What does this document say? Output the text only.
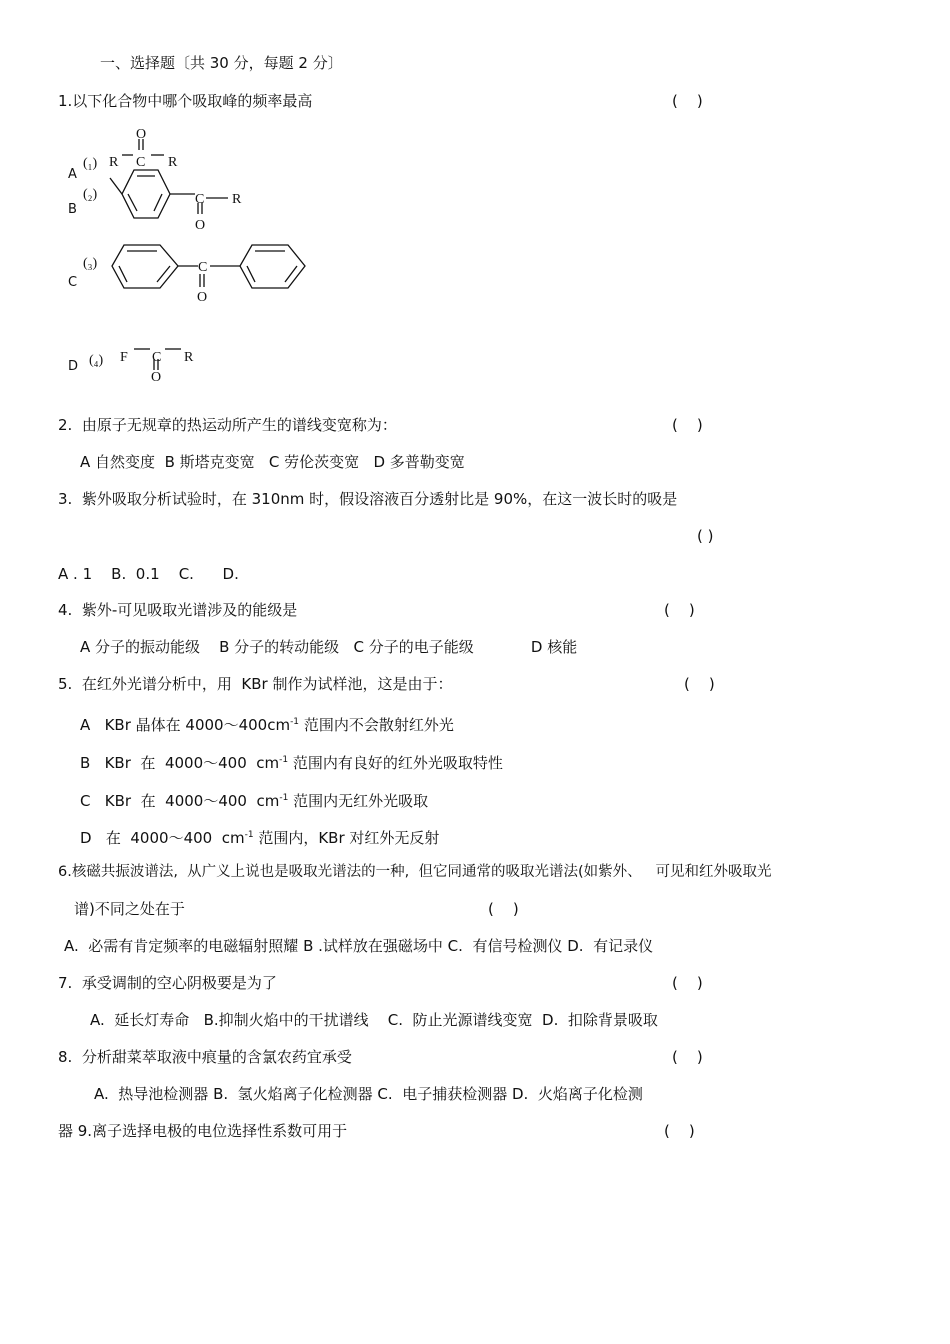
一、选择题〔共 30 分，每题 2 分〕
1.以下化合物中哪个吸取峰的频率最高	(    )
A
B
C
D
(₁) R C
O
R
(₂)	C R
O
(₃)	C
O
(₄) F C R
O
2.  由原子无规章的热运动所产生的谱线变宽称为：	(    )
A 自然变度  B 斯塔克变宽   C 劳伦茨变宽   D 多普勒变宽
3.  紫外吸取分析试验时，在 310nm 时，假设溶液百分透射比是 90%，在这一波长时的吸是
( )
A . 1    B.  0.1    C.      D.
4.  紫外-可见吸取光谱涉及的能级是	(    )
A 分子的振动能级    B 分子的转动能级   C 分子的电子能级            D 核能
5.  在红外光谱分析中，用  KBr 制作为试样池，这是由于：	(    )
A   KBr 晶体在 $4000\sim 400cm^{-1}$ 范围内不会散射红外光
B   KBr  在  4000～400  $cm^{-1}$ 范围内有良好的红外光吸取特性
C   KBr  在  4000～400  $cm^{-1}$ 范围内无红外光吸取
D   在  4000～400  $cm^{-1}$ 范围内，KBr 对红外无反射
6.核磁共振波谱法,  从广义上说也是吸取光谱法的一种,  但它同通常的吸取光谱法(如紫外、   可见和红外吸取光
谱)不同之处在于	(    )
A.  必需有肯定频率的电磁辐射照耀 B .试样放在强磁场中 C.  有信号检测仪 D.  有记录仪
7.  承受调制的空心阴极要是为了	(    )
A.  延长灯寿命   B.抑制火焰中的干扰谱线    C.  防止光源谱线变宽  D.  扣除背景吸取
8.  分析甜菜萃取液中痕量的含氯农药宜承受	(    )
A.  热导池检测器 B.  氢火焰离子化检测器 C.  电子捕获检测器 D.  火焰离子化检测
器 9.离子选择电极的电位选择性系数可用于	(    )
